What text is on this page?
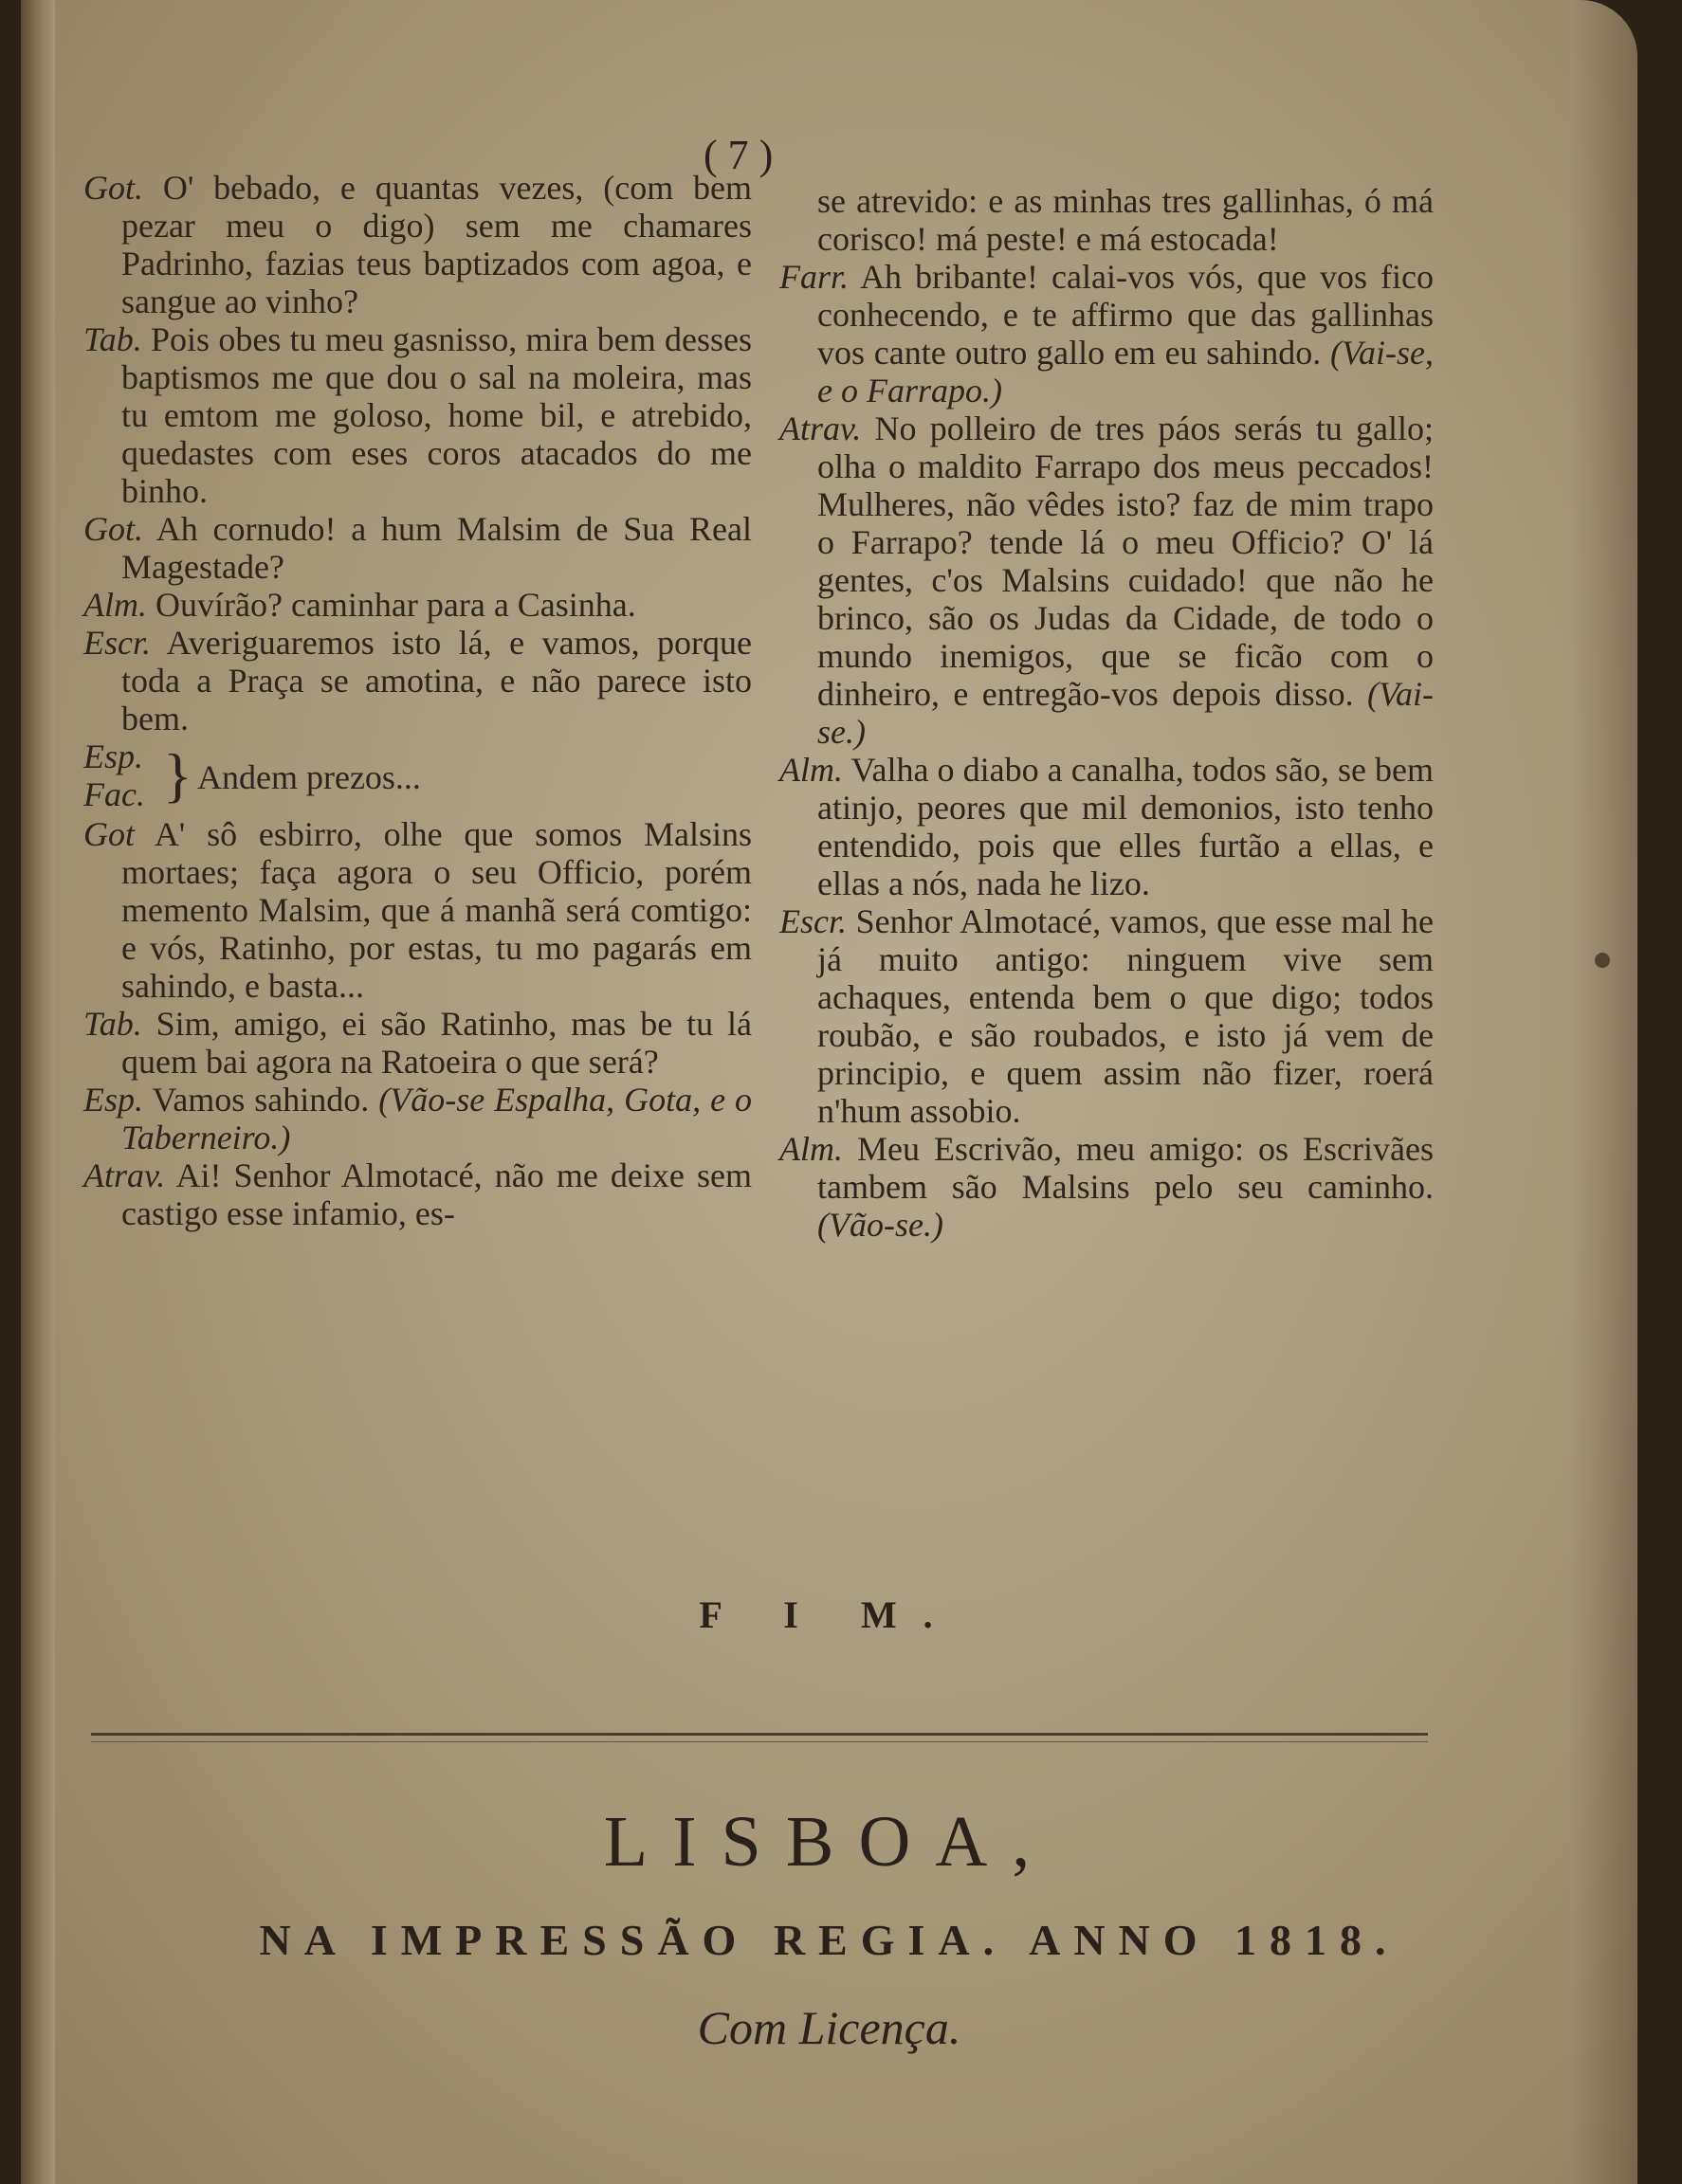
( 7 )

Got. O' bebado, e quantas vezes, (com bem pezar meu o digo) sem me chamares Padrinho, fazias teus baptizados com agoa, e sangue ao vinho?

Tab. Pois obes tu meu gasnisso, mira bem desses baptismos me que dou o sal na moleira, mas tu emtom me goloso, home bil, e atrebido, quedastes com eses coros atacados do me binho.

Got. Ah cornudo! a hum Malsim de Sua Real Magestade?

Alm. Ouvírão? caminhar para a Casinha.

Escr. Averiguaremos isto lá, e vamos, porque toda a Praça se amotina, e não parece isto bem.

Esp.
Fac. } Andem prezos...

Got A' sô esbirro, olhe que somos Malsins mortaes; faça agora o seu Officio, porém memento Malsim, que á manhã será comtigo: e vós, Ratinho, por estas, tu mo pagarás em sahindo, e basta...

Tab. Sim, amigo, ei são Ratinho, mas be tu lá quem bai agora na Ratoeira o que será?

Esp. Vamos sahindo. (Vão-se Espalha, Gota, e o Taberneiro.)

Atrav. Ai! Senhor Almotacé, não me deixe sem castigo esse infamio, es-

se atrevido: e as minhas tres gallinhas, ó má corisco! má peste! e má estocada!

Farr. Ah bribante! calai-vos vós, que vos fico conhecendo, e te affirmo que das gallinhas vos cante outro gallo em eu sahindo. (Vai-se, e o Farrapo.)

Atrav. No polleiro de tres páos serás tu gallo; olha o maldito Farrapo dos meus peccados! Mulheres, não vêdes isto? faz de mim trapo o Farrapo? tende lá o meu Officio? O' lá gentes, c'os Malsins cuidado! que não he brinco, são os Judas da Cidade, de todo o mundo inemigos, que se ficão com o dinheiro, e entregão-vos depois disso. (Vai-se.)

Alm. Valha o diabo a canalha, todos são, se bem atinjo, peores que mil demonios, isto tenho entendido, pois que elles furtão a ellas, e ellas a nós, nada he lizo.

Escr. Senhor Almotacé, vamos, que esse mal he já muito antigo: ninguem vive sem achaques, entenda bem o que digo; todos roubão, e são roubados, e isto já vem de principio, e quem assim não fizer, roerá n'hum assobio.

Alm. Meu Escrivão, meu amigo: os Escrivães tambem são Malsins pelo seu caminho. (Vão-se.)

F I M.
LISBOA,
NA IMPRESSÃO REGIA. ANNO 1818.
Com Licença.
